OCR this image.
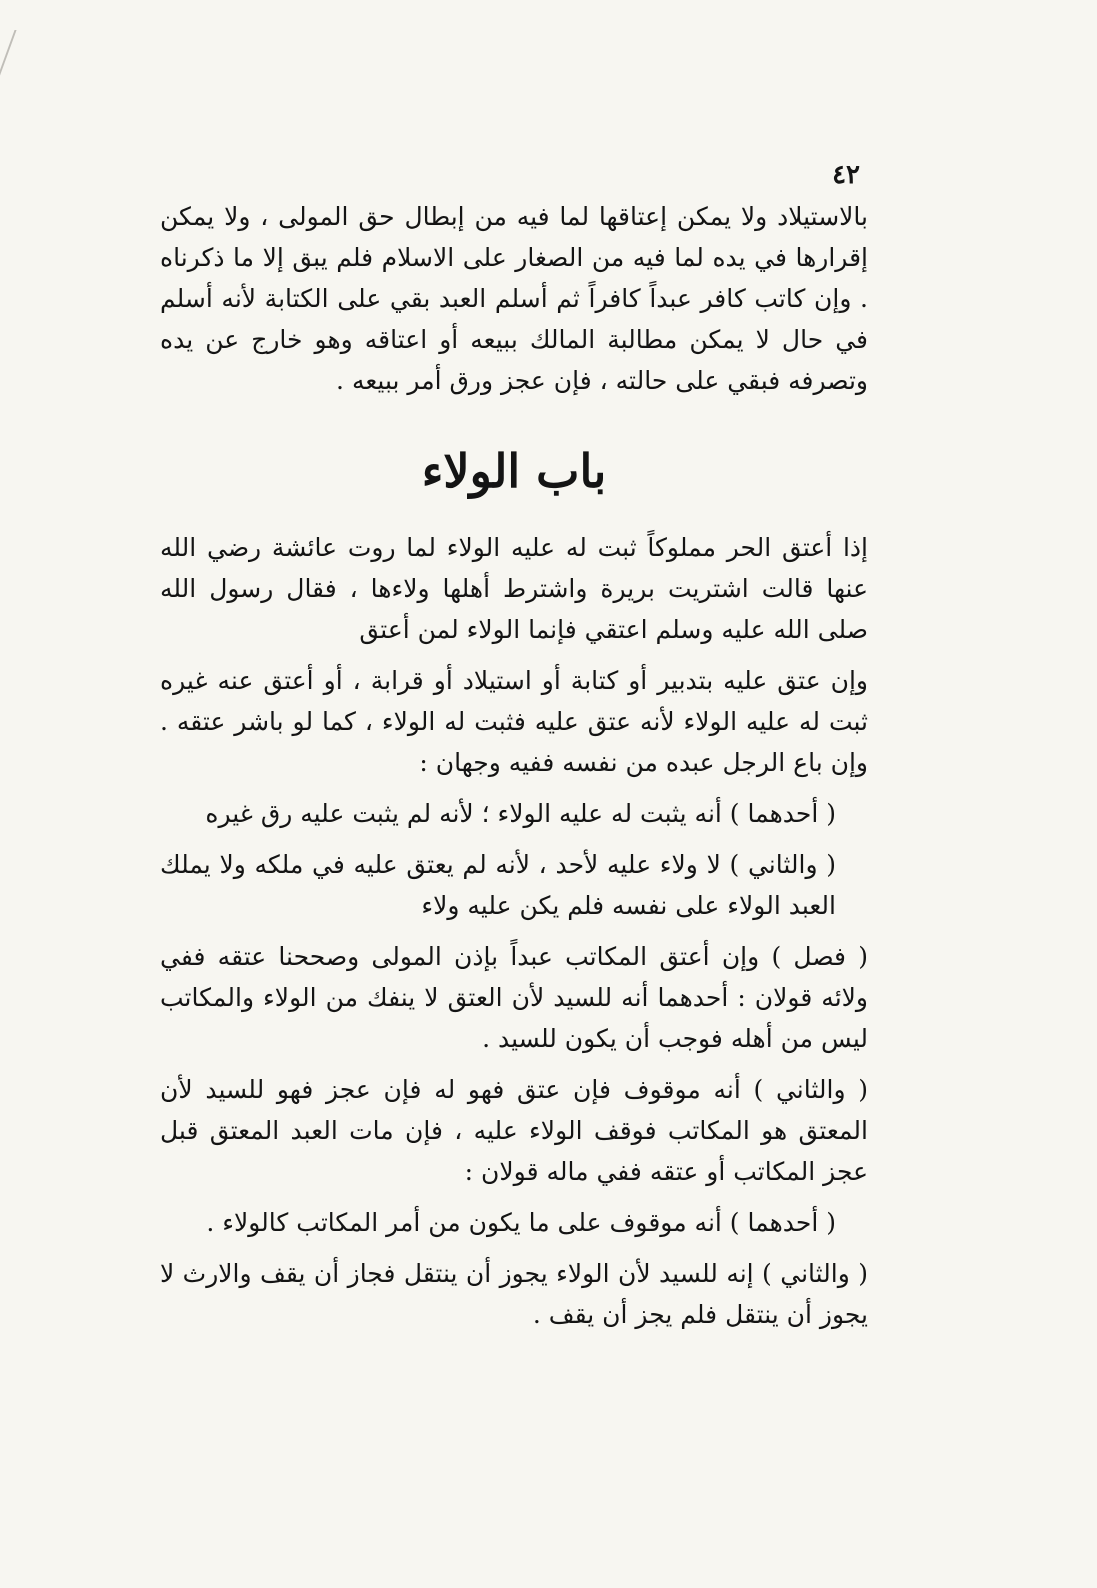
٤٢

بالاستيلاد ولا يمكن إعتاقها لما فيه من إبطال حق المولى ، ولا يمكن إقرارها في يده لما فيه من الصغار على الاسلام فلم يبق إلا ما ذكرناه . وإن كاتب كافر عبداً كافراً ثم أسلم العبد بقي على الكتابة لأنه أسلم في حال لا يمكن مطالبة المالك ببيعه أو اعتاقه وهو خارج عن يده وتصرفه فبقي على حالته ، فإن عجز ورق أمر ببيعه .

باب الولاء

إذا أعتق الحر مملوكاً ثبت له عليه الولاء لما روت عائشة رضي الله عنها قالت اشتريت بريرة واشترط أهلها ولاءها ، فقال رسول الله صلى الله عليه وسلم اعتقي فإنما الولاء لمن أعتق

وإن عتق عليه بتدبير أو كتابة أو استيلاد أو قرابة ، أو أعتق عنه غيره ثبت له عليه الولاء لأنه عتق عليه فثبت له الولاء ، كما لو باشر عتقه . وإن باع الرجل عبده من نفسه ففيه وجهان :

( أحدهما ) أنه يثبت له عليه الولاء ؛ لأنه لم يثبت عليه رق غيره

( والثاني ) لا ولاء عليه لأحد ، لأنه لم يعتق عليه في ملكه ولا يملك العبد الولاء على نفسه فلم يكن عليه ولاء

( فصل ) وإن أعتق المكاتب عبداً بإذن المولى وصححنا عتقه ففي ولائه قولان : أحدهما أنه للسيد لأن العتق لا ينفك من الولاء والمكاتب ليس من أهله فوجب أن يكون للسيد .

( والثاني ) أنه موقوف فإن عتق فهو له فإن عجز فهو للسيد لأن المعتق هو المكاتب فوقف الولاء عليه ، فإن مات العبد المعتق قبل عجز المكاتب أو عتقه ففي ماله قولان :

( أحدهما ) أنه موقوف على ما يكون من أمر المكاتب كالولاء .

( والثاني ) إنه للسيد لأن الولاء يجوز أن ينتقل فجاز أن يقف والارث لا يجوز أن ينتقل فلم يجز أن يقف .
